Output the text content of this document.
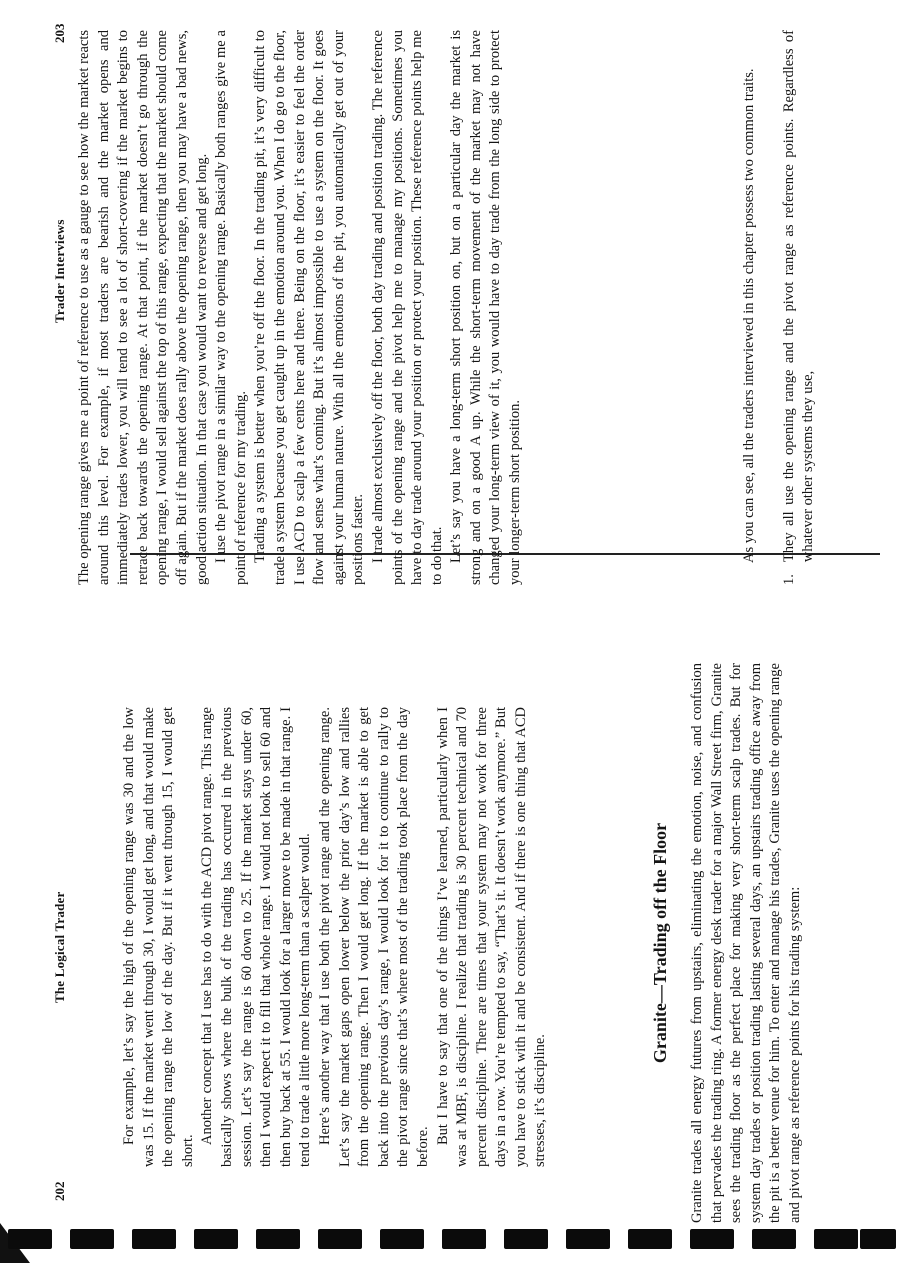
202
The Logical Trader	For example, let’s say the high of the opening range was 30 and the low was 15. If the market went through 30, I would get long, and that would make the opening range the low of the day. But if it went through 15, I would get short.

Another concept that I use has to do with the ACD pivot range. This range basically shows where the bulk of the trading has occurred in the previous session. Let’s say the range is 60 down to 25. If the market stays under 60, then I would expect it to fill that whole range. I would not look to sell 60 and then buy back at 55. I would look for a larger move to be made in that range. I tend to trade a little more long-term than a scalper would. Here’s another way that I use both the pivot range and the opening range. Let’s say the market gaps open lower below the prior day’s low and rallies from the opening range. Then I would get long. If the market is able to get back into the previous day’s range, I would look for it to continue to rally to the pivot range since that’s where most of the trading took place from the day before.

But I have to say that one of the things I’ve learned, particularly when I was at MBF, is discipline. I realize that trading is 30 percent technical and 70 percent discipline. There are times that your system may not work for three days in a row. You’re tempted to say, “That’s it. It doesn’t work anymore.” But you have to stick with it and be consistent. And if there is one thing that ACD stresses, it’s discipline.

Granite—Trading off the Floor Granite trades all energy futures from upstairs, eliminating the emotion, noise, and confusion that pervades the trading ring. A former energy desk trader for a major Wall Street firm, Granite sees the trading floor as the perfect place for making very short-term scalp trades. But for system day trades or position trading lasting several days, an upstairs trading office away from the pit is a better venue for him. To enter and manage his trades, Granite uses the opening range and pivot range as reference points for his trading system:

Trader Interviews
203 The opening range gives me a point of reference to use as a gauge to see how the market reacts around this level. For example, if most traders are bearish and the market opens and immediately trades lower, you will tend to see a lot of short-covering if the market begins to retrace back towards the opening range. At that point, if the market doesn’t go through the opening range, I would sell against the top of this range, expecting that the market should come off again. But if the market does rally above the opening range, then you may have a bad news, good action situation. In that case you would want to reverse and get long. I use the pivot range in a similar way to the opening range. Basically both ranges give me a point of reference for my trading. Trading a system is better when you’re off the floor. In the trading pit, it’s very difficult to trade a system because you get caught up in the emotion around you. When I do go to the floor, I use ACD to scalp a few cents here and there. Being on the floor, it’s easier to feel the order flow and sense what’s coming. But it’s almost impossible to use a system on the floor. It goes against your human nature. With all the emotions of the pit, you automatically get out of your positions faster. I trade almost exclusively off the floor, both day trading and position trading. The reference points of the opening range and the pivot help me to manage my positions. Sometimes you have to day trade around your position or protect your position. These reference points help me to do that. Let’s say you have a long-term short position on, but on a particular day the market is strong and on a good A up. While the short-term movement of the market may not have changed your long-term view of it, you would have to day trade from the long side to protect your longer-term short position.	As you can see, all the traders interviewed in this chapter possess two common traits.

1.
They all use the opening range and the pivot range as reference points. Regardless of whatever other systems they use,
